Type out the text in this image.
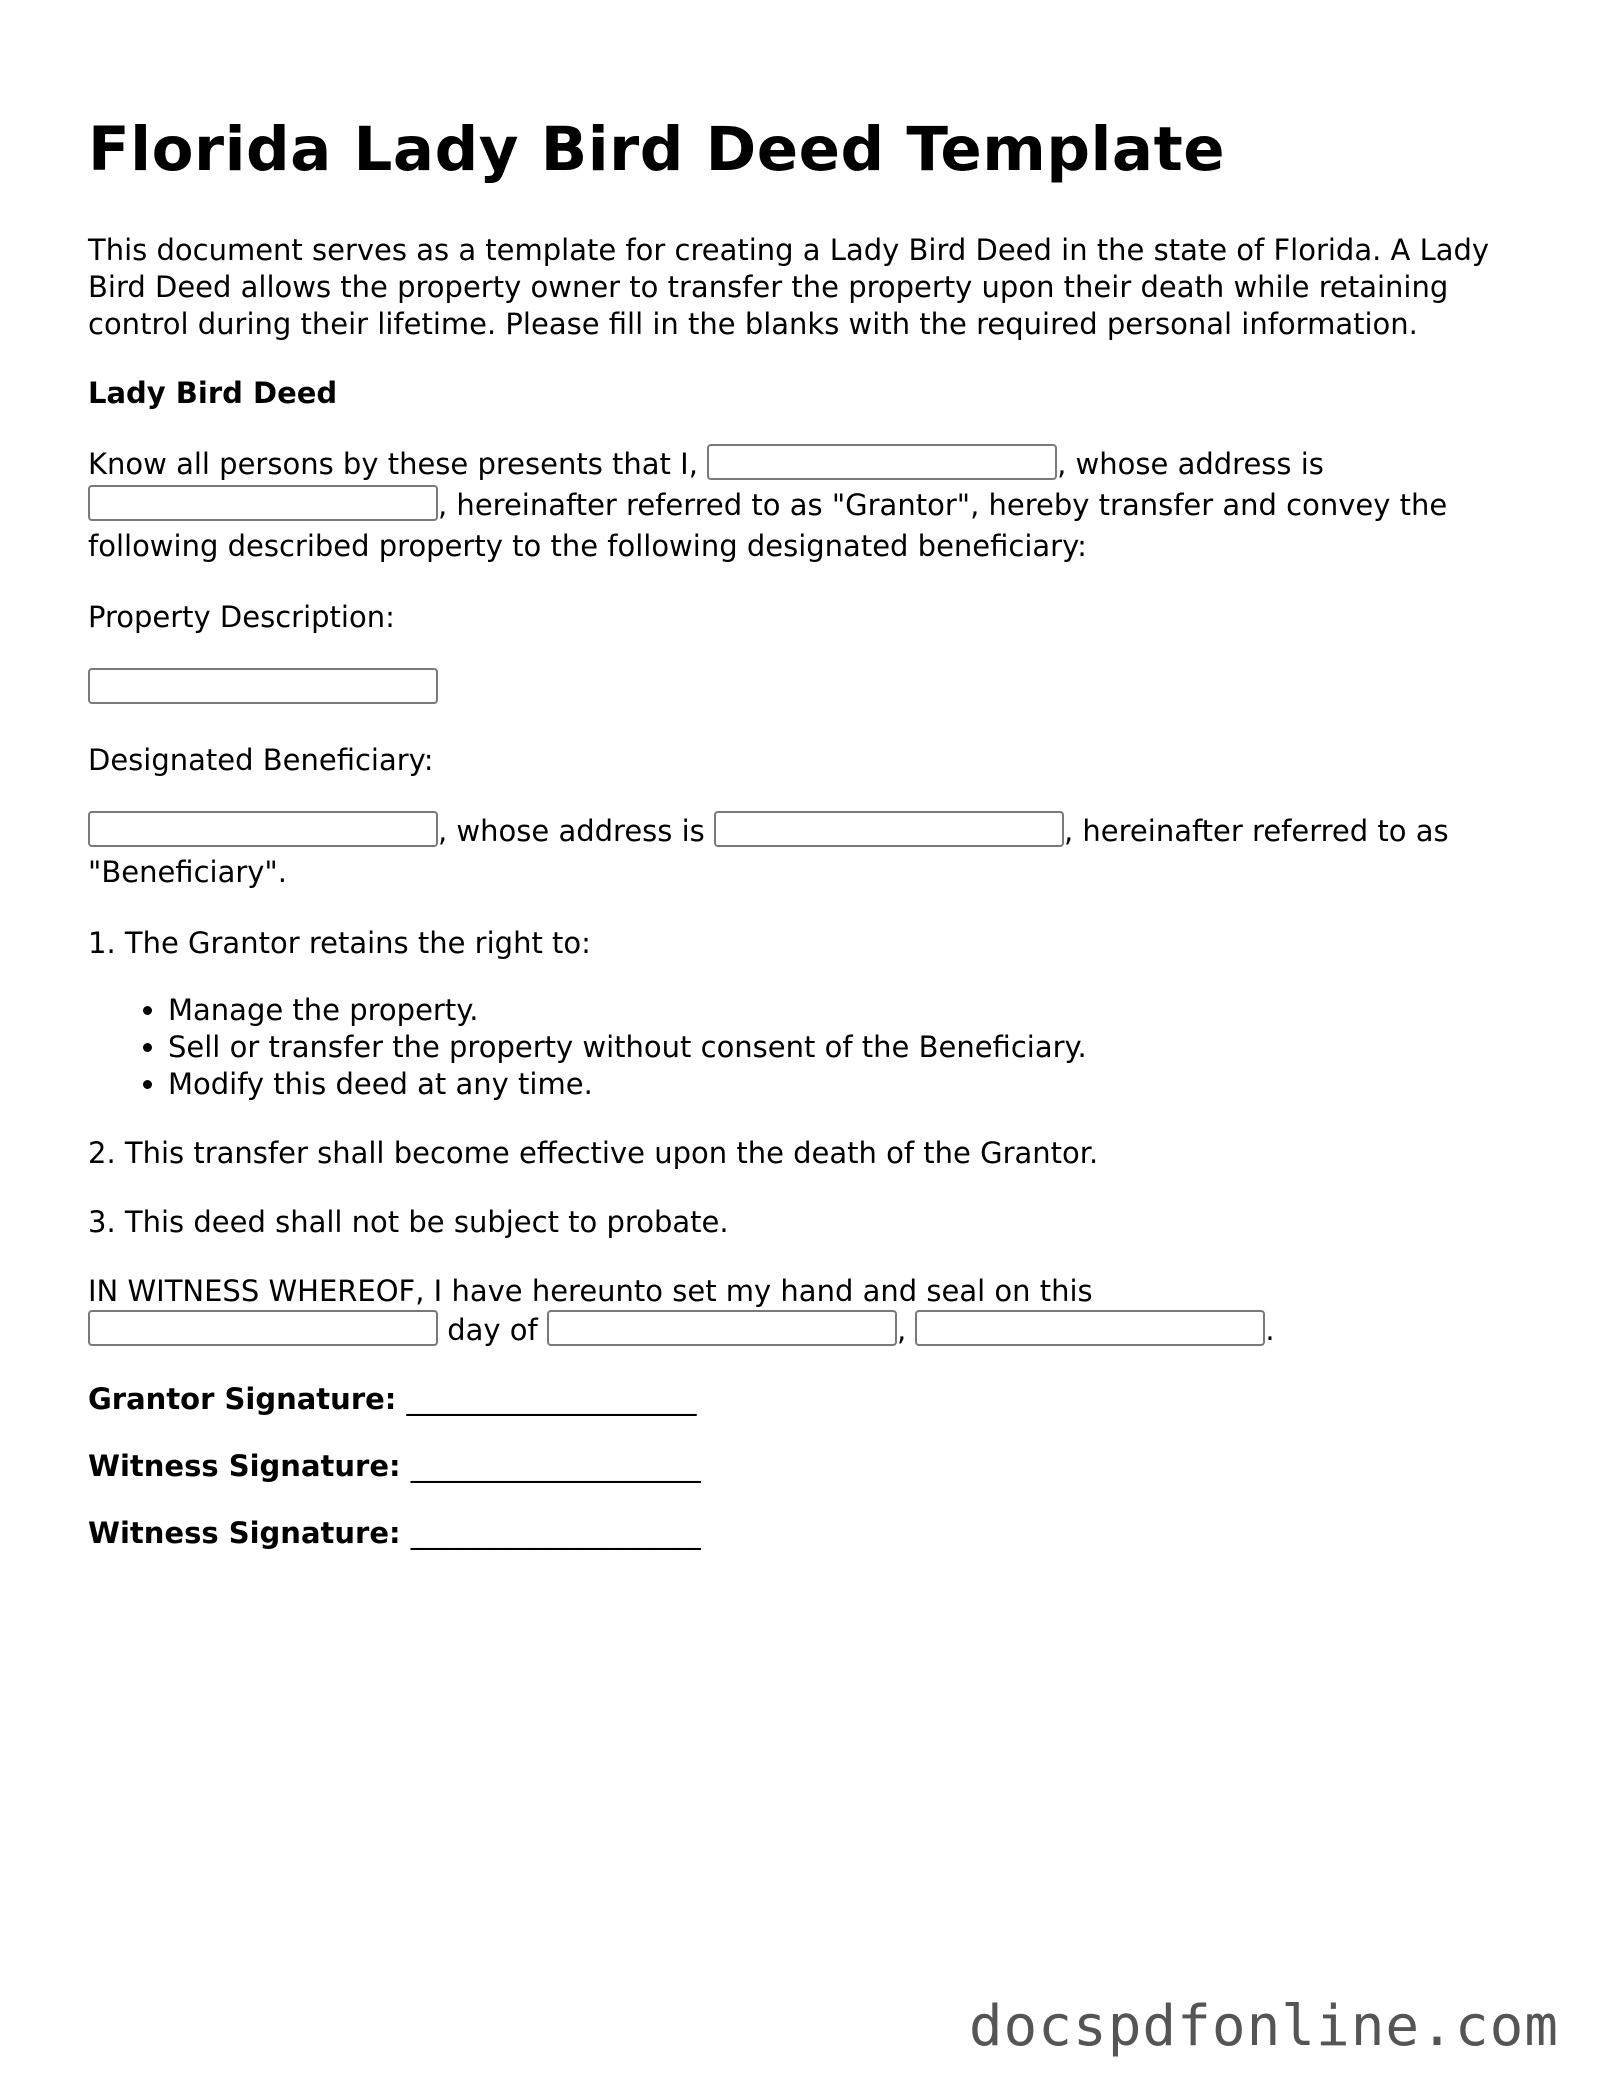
Florida Lady Bird Deed Template

This document serves as a template for creating a Lady Bird Deed in the state of Florida. A Lady Bird Deed allows the property owner to transfer the property upon their death while retaining control during their lifetime. Please fill in the blanks with the required personal information.

Lady Bird Deed

Know all persons by these presents that I,	, whose address is , hereinafter referred to as "Grantor", hereby transfer and convey the following described property to the following designated beneficiary:

Property Description:

Designated Beneficiary:

, whose address is	, hereinafter referred to as "Beneficiary".

1. The Grantor retains the right to:

• Manage the property.
• Sell or transfer the property without consent of the Beneficiary.
• Modify this deed at any time.

2. This transfer shall become effective upon the death of the Grantor.

3. This deed shall not be subject to probate.

IN WITNESS WHEREOF, I have hereunto set my hand and seal on this
day of	,	.

Grantor Signature: ____________________

Witness Signature: ____________________

Witness Signature: ____________________

docspdfonline.com
